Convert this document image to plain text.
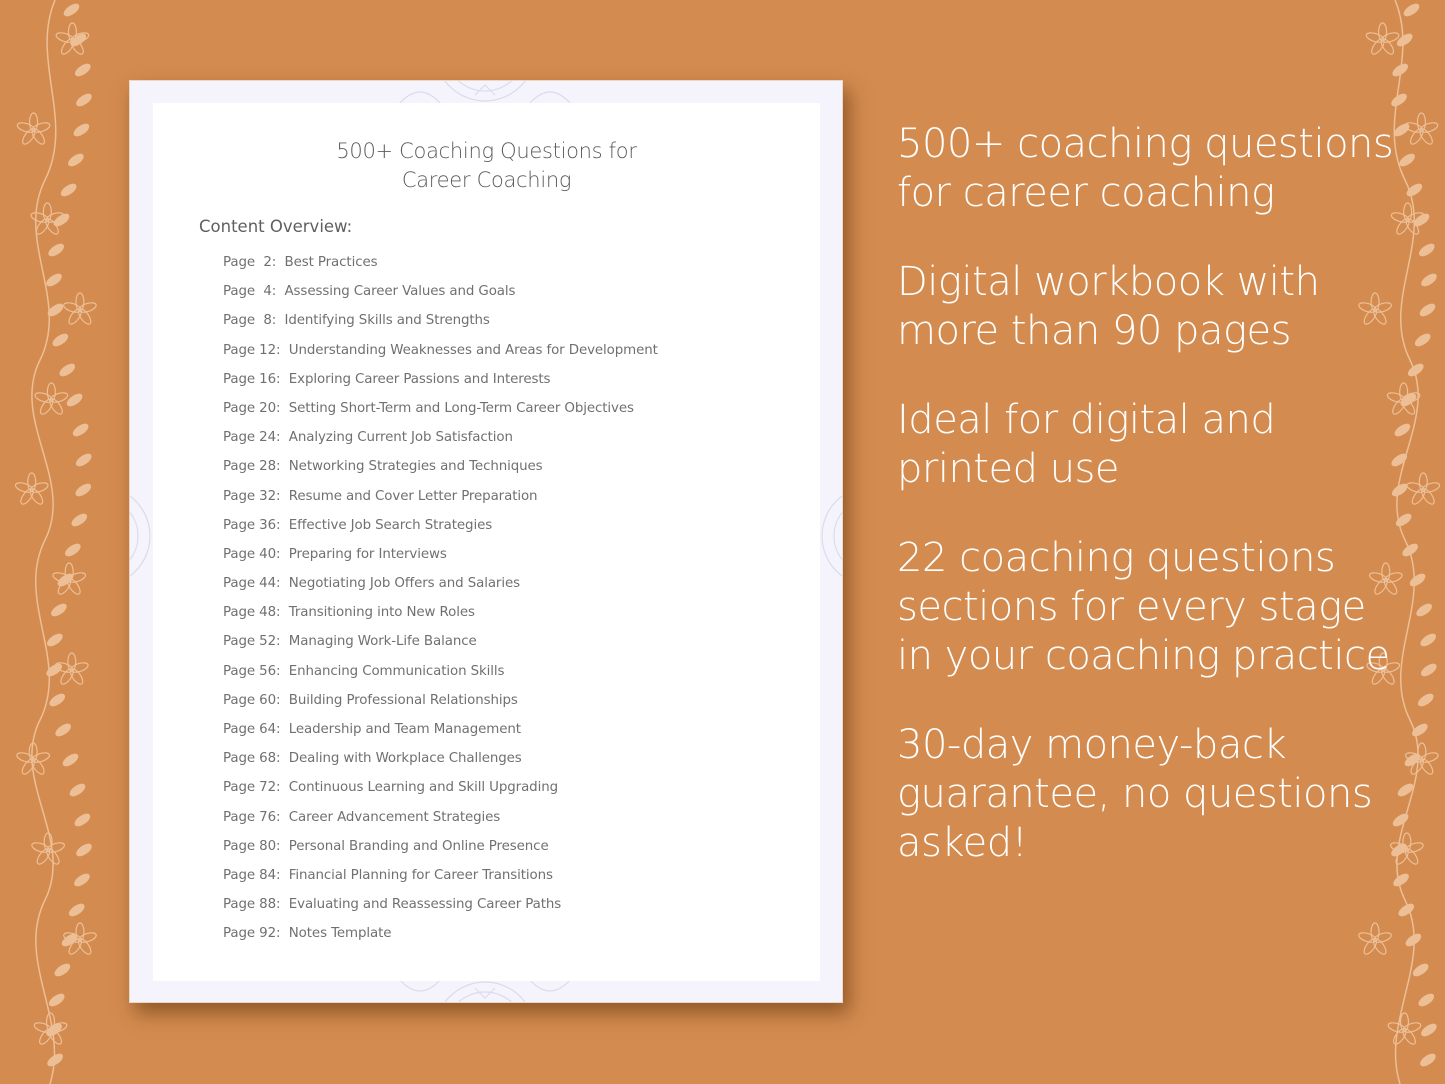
500+ Coaching Questions for
Career Coaching
Content Overview:
Page  2: Best Practices
Page  4: Assessing Career Values and Goals
Page  8: Identifying Skills and Strengths
Page 12: Understanding Weaknesses and Areas for Development
Page 16: Exploring Career Passions and Interests
Page 20: Setting Short-Term and Long-Term Career Objectives
Page 24: Analyzing Current Job Satisfaction
Page 28: Networking Strategies and Techniques
Page 32: Resume and Cover Letter Preparation
Page 36: Effective Job Search Strategies
Page 40: Preparing for Interviews
Page 44: Negotiating Job Offers and Salaries
Page 48: Transitioning into New Roles
Page 52: Managing Work-Life Balance
Page 56: Enhancing Communication Skills
Page 60: Building Professional Relationships
Page 64: Leadership and Team Management
Page 68: Dealing with Workplace Challenges
Page 72: Continuous Learning and Skill Upgrading
Page 76: Career Advancement Strategies
Page 80: Personal Branding and Online Presence
Page 84: Financial Planning for Career Transitions
Page 88: Evaluating and Reassessing Career Paths
Page 92: Notes Template

500+ coaching questions for career coaching

Digital workbook with more than 90 pages

Ideal for digital and printed use

22 coaching questions sections for every stage in your coaching practice

30-day money-back guarantee, no questions asked!
